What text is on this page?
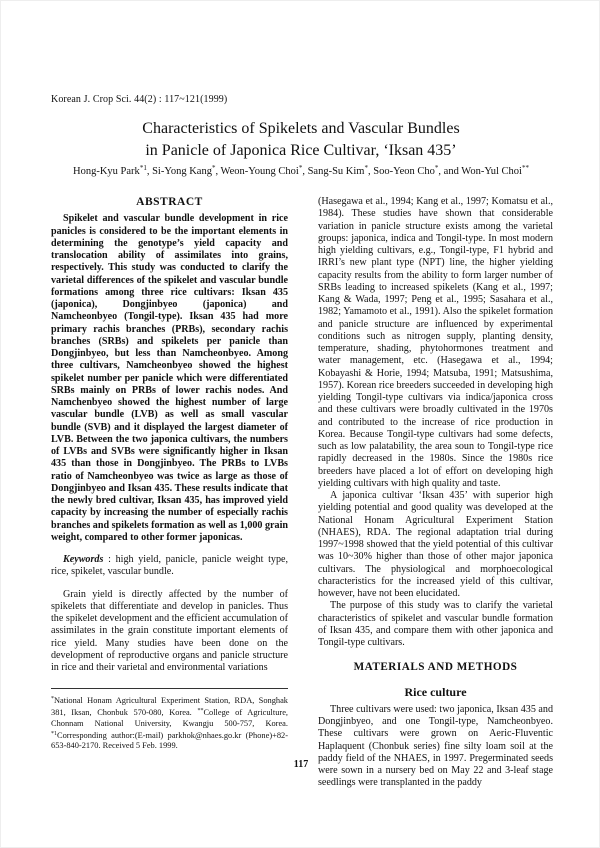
Korean J. Crop Sci. 44(2) : 117~121(1999)
Characteristics of Spikelets and Vascular Bundles
in Panicle of Japonica Rice Cultivar, ‘Iksan 435’
Hong-Kyu Park$^{*1}$, Si-Yong Kang*, Weon-Young Choi*, Sang-Su Kim*, Soo-Yeon Cho*, and Won-Yul Choi**
ABSTRACT

Spikelet and vascular bundle development in rice panicles is considered to be the important elements in determining the genotype’s yield capacity and translocation ability of assimilates into grains, respectively. This study was conducted to clarify the varietal differences of the spikelet and vascular bundle formations among three rice cultivars: Iksan 435 (japonica), Dongjinbyeo (japonica) and Namcheonbyeo (Tongil-type). Iksan 435 had more primary rachis branches (PRBs), secondary rachis branches (SRBs) and spikelets per panicle than Dongjinbyeo, but less than Namcheonbyeo. Among three cultivars, Namcheonbyeo showed the highest spikelet number per panicle which were differentiated SRBs mainly on PRBs of lower rachis nodes. And Namchenbyeo showed the highest number of large vascular bundle (LVB) as well as small vascular bundle (SVB) and it displayed the largest diameter of LVB. Between the two japonica cultivars, the numbers of LVBs and SVBs were significantly higher in Iksan 435 than those in Dongjinbyeo. The PRBs to LVBs ratio of Namcheonbyeo was twice as large as those of Dongjinbyeo and Iksan 435. These results indicate that the newly bred cultivar, Iksan 435, has improved yield capacity by increasing the number of especially rachis branches and spikelets formation as well as 1,000 grain weight, compared to other former japonicas.

Keywords : high yield, panicle, panicle weight type, rice, spikelet, vascular bundle.

Grain yield is directly affected by the number of spikelets that differentiate and develop in panicles. Thus the spikelet development and the efficient accumulation of assimilates in the grain constitute important elements of rice yield. Many studies have been done on the development of reproductive organs and panicle structure in rice and their varietal and environmental variations

(Hasegawa et al., 1994; Kang et al., 1997; Komatsu et al., 1984). These studies have shown that considerable variation in panicle structure exists among the varietal groups: japonica, indica and Tongil-type. In most modern high yielding cultivars, e.g., Tongil-type, F1 hybrid and IRRI’s new plant type (NPT) line, the higher yielding capacity results from the ability to form larger number of SRBs leading to increased spikelets (Kang et al., 1997; Kang & Wada, 1997; Peng et al., 1995; Sasahara et al., 1982; Yamamoto et al., 1991). Also the spikelet formation and panicle structure are influenced by experimental conditions such as nitrogen supply, planting density, temperature, shading, phytohormones treatment and water management, etc. (Hasegawa et al., 1994; Kobayashi & Horie, 1994; Matsuba, 1991; Matsushima, 1957). Korean rice breeders succeeded in developing high yielding Tongil-type cultivars via indica/japonica cross and these cultivars were broadly cultivated in the 1970s and contributed to the increase of rice production in Korea. Because Tongil-type cultivars had some defects, such as low palatability, the area soun to Tongil-type rice rapidly decreased in the 1980s. Since the 1980s rice breeders have placed a lot of effort on developing high yielding cultivars with high quality and taste.

A japonica cultivar ‘Iksan 435’ with superior high yielding potential and good quality was developed at the National Honam Agricultural Experiment Station (NHAES), RDA. The regional adaptation trial during 1997~1998 showed that the yield potential of this cultivar was 10~30% higher than those of other major japonica cultivars. The physiological and morphoecological characteristics for the increased yield of this cultivar, however, have not been elucidated.

The purpose of this study was to clarify the varietal characteristics of spikelet and vascular bundle formation of Iksan 435, and compare them with other japonica and Tongil-type cultivars.

MATERIALS AND METHODS
Rice culture

Three cultivars were used: two japonica, Iksan 435 and Dongjinbyeo, and one Tongil-type, Namcheonbyeo. These cultivars were grown on Aeric-Fluventic Haplaquent (Chonbuk series) fine silty loam soil at the paddy field of the NHAES, in 1997. Pregerminated seeds were sown in a nursery bed on May 22 and 3-leaf stage seedlings were transplanted in the paddy

*National Honam Agricultural Experiment Station, RDA, Songhak 381, Iksan, Chonbuk 570-080, Korea. **College of Agriculture, Chonnam National University, Kwangju 500-757, Korea. $^{*1}$Corresponding author:(E-mail) parkhok@nhaes.go.kr (Phone)+82-653-840-2170. Received 5 Feb. 1999.
117
